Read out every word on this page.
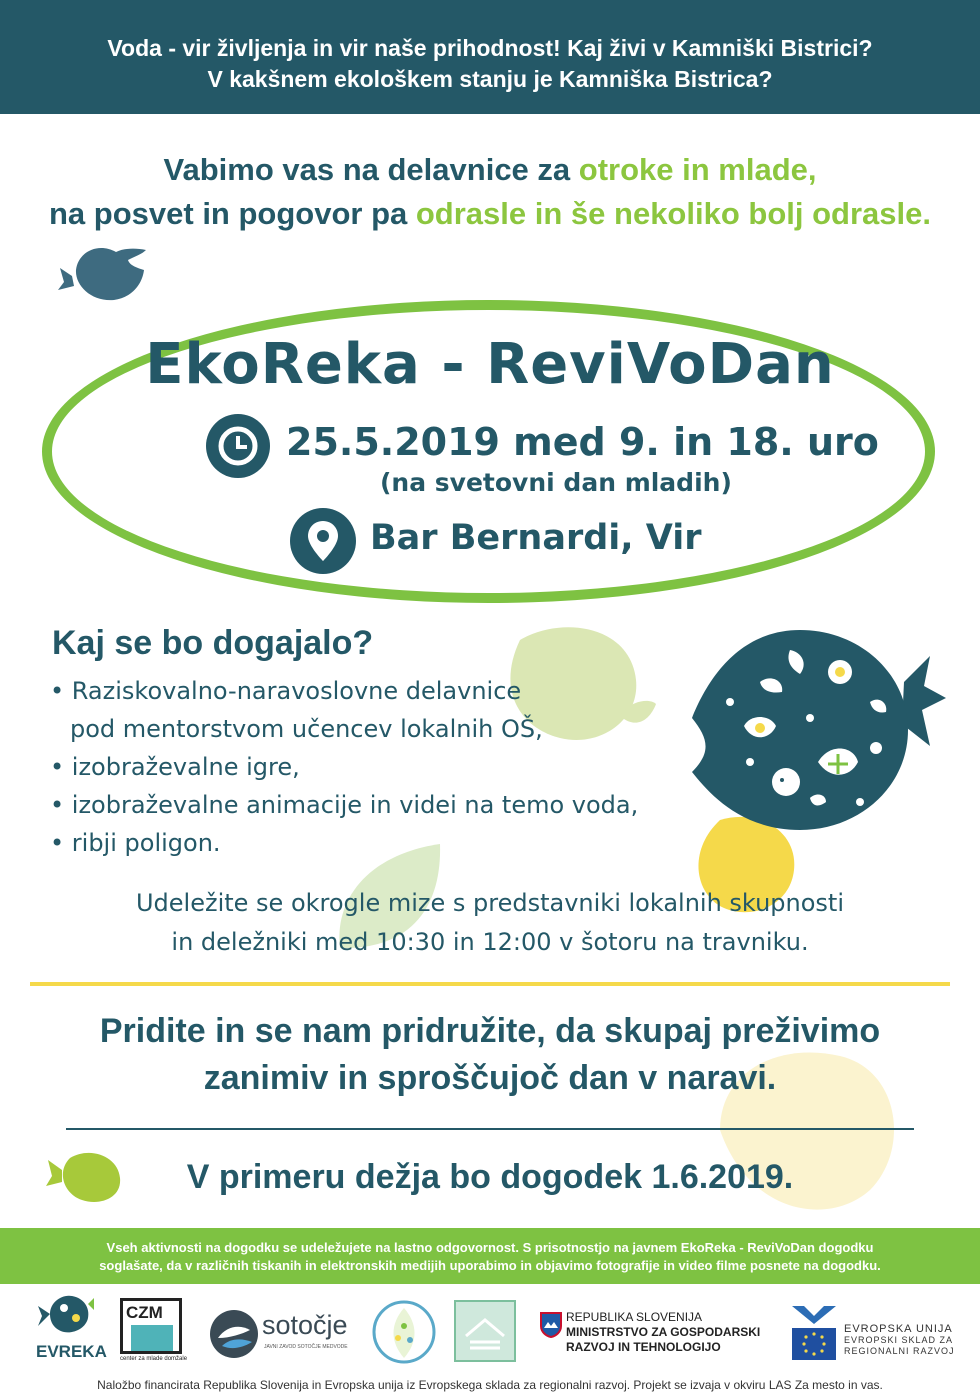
Voda - vir življenja in vir naše prihodnost! Kaj živi v Kamniški Bistrici?
V kakšnem ekološkem stanju je Kamniška Bistrica?
Vabimo vas na delavnice za otroke in mlade,
na posvet in pogovor pa odrasle in še nekoliko bolj odrasle.
EkoReka - ReviVoDan
25.5.2019 med 9. in 18. uro
(na svetovni dan mladih)
Bar Bernardi, Vir
Kaj se bo dogajalo?
• Raziskovalno-naravoslovne delavnice
pod mentorstvom učencev lokalnih OŠ,
• izobraževalne igre,
• izobraževalne animacije in videi na temo voda,
• ribji poligon.
Udeležite se okrogle mize s predstavniki lokalnih skupnosti
in deležniki med 10:30 in 12:00 v šotoru na travniku.
Pridite in se nam pridružite, da skupaj preživimo
zanimiv in sproščujoč dan v naravi.
V primeru dežja bo dogodek 1.6.2019.
Vseh aktivnosti na dogodku se udeležujete na lastno odgovornost. S prisotnostjo na javnem EkoReka - ReviVoDan dogodku
soglašate, da v različnih tiskanih in elektronskih medijih uporabimo in objavimo fotografije in video filme posnete na dogodku.
EVREKA
CZM
center za mlade domžale
sotočje
JAVNI ZAVOD SOTOČJE MEDVODE
REPUBLIKA SLOVENIJA
MINISTRSTVO ZA GOSPODARSKI
RAZVOJ IN TEHNOLOGIJO
EVROPSKA UNIJA
EVROPSKI SKLAD ZA
REGIONALNI RAZVOJ
Naložbo financirata Republika Slovenija in Evropska unija iz Evropskega sklada za regionalni razvoj. Projekt se izvaja v okviru LAS Za mesto in vas.
